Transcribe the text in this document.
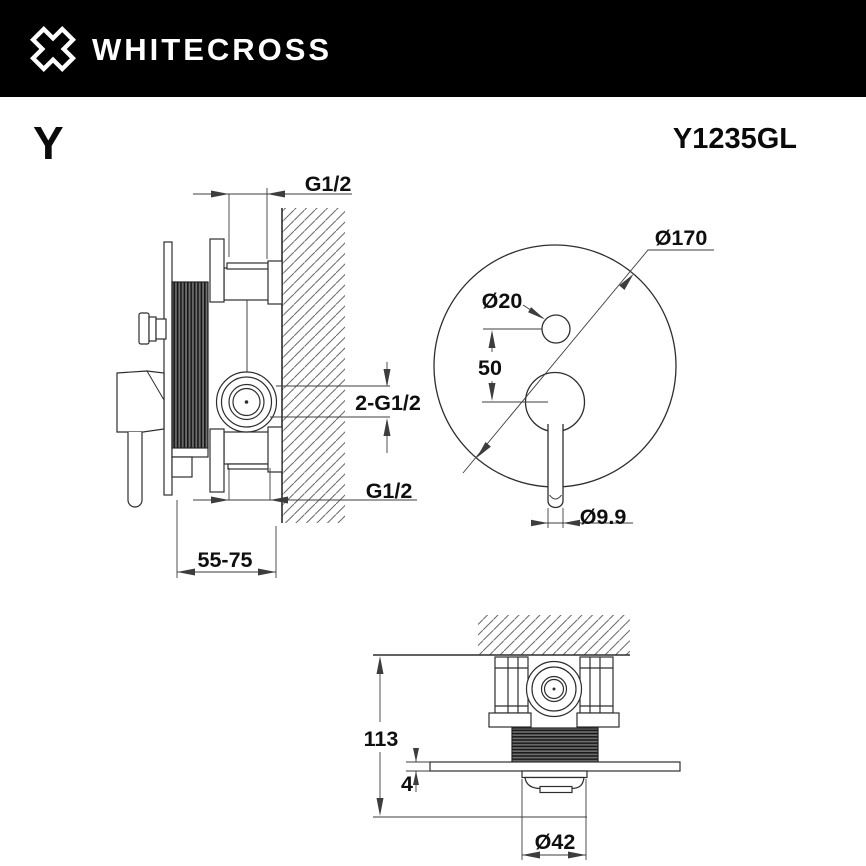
WHITECROSS
Y	Y1235GL
G1/2
2-G1/2
G1/2
55-75
Ø170
Ø20
50
Ø9.9
113
4
Ø42
